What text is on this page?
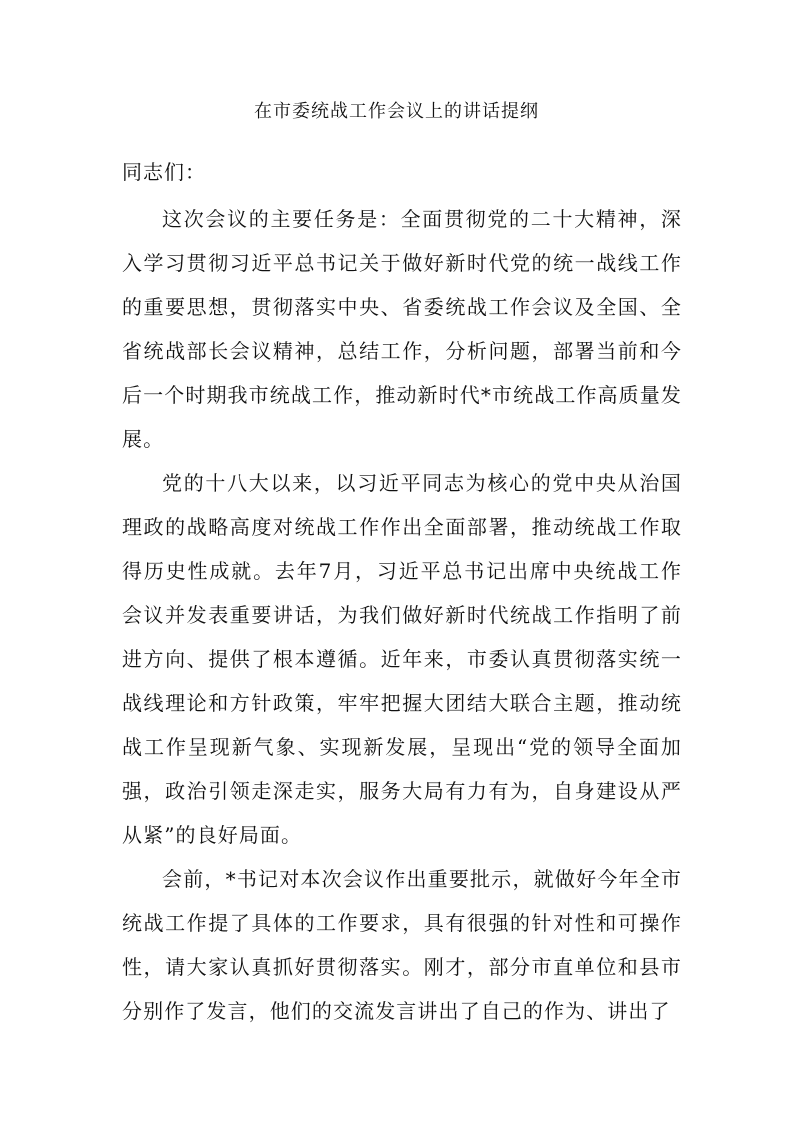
在市委统战工作会议上的讲话提纲

同志们：

这次会议的主要任务是：全面贯彻党的二十大精神，深入学习贯彻习近平总书记关于做好新时代党的统一战线工作的重要思想，贯彻落实中央、省委统战工作会议及全国、全省统战部长会议精神，总结工作，分析问题，部署当前和今后一个时期我市统战工作，推动新时代*市统战工作高质量发展。

党的十八大以来，以习近平同志为核心的党中央从治国理政的战略高度对统战工作作出全面部署，推动统战工作取得历史性成就。去年7月，习近平总书记出席中央统战工作会议并发表重要讲话，为我们做好新时代统战工作指明了前进方向、提供了根本遵循。近年来，市委认真贯彻落实统一战线理论和方针政策，牢牢把握大团结大联合主题，推动统战工作呈现新气象、实现新发展，呈现出“党的领导全面加强，政治引领走深走实，服务大局有力有为，自身建设从严从紧”的良好局面。

会前，*书记对本次会议作出重要批示，就做好今年全市统战工作提了具体的工作要求，具有很强的针对性和可操作性，请大家认真抓好贯彻落实。刚才，部分市直单位和县市分别作了发言，他们的交流发言讲出了自己的作为、讲出了
